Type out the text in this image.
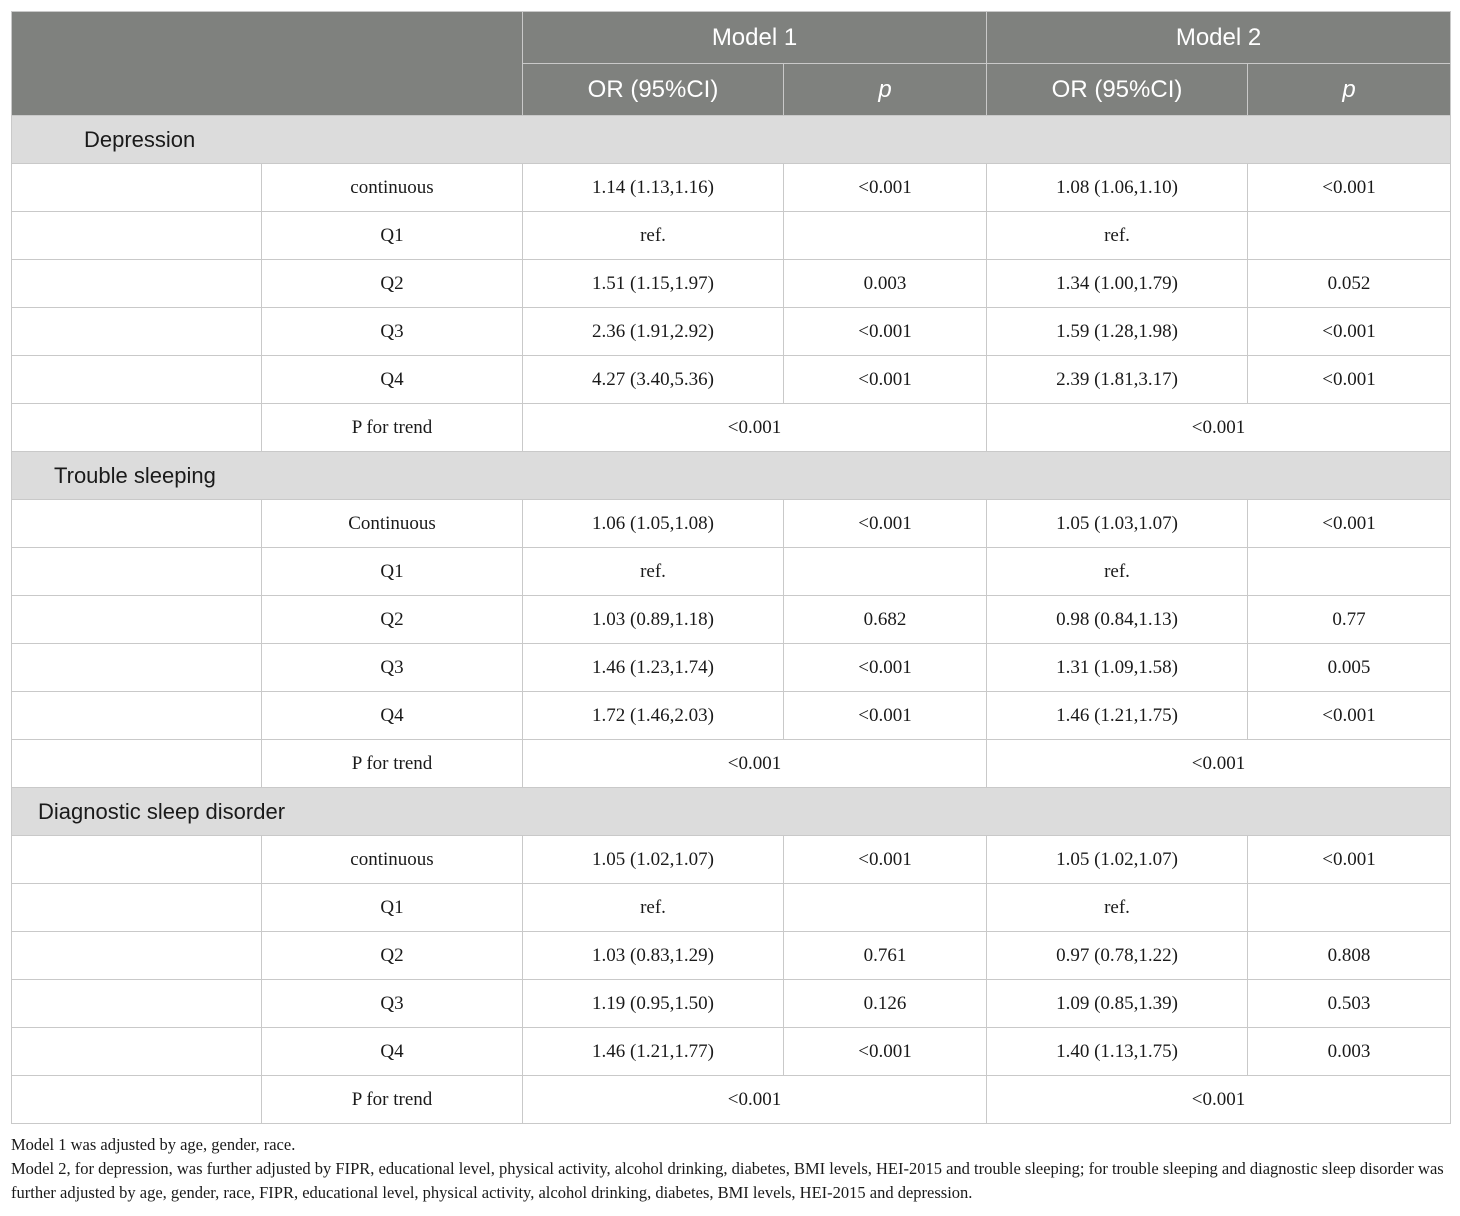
		Model 1		Model 2	
		OR (95%CI)	p	OR (95%CI)	p
Depression					
	continuous	1.14 (1.13,1.16)	<0.001	1.08 (1.06,1.10)	<0.001
	Q1	ref.		ref.	
	Q2	1.51 (1.15,1.97)	0.003	1.34 (1.00,1.79)	0.052
	Q3	2.36 (1.91,2.92)	<0.001	1.59 (1.28,1.98)	<0.001
	Q4	4.27 (3.40,5.36)	<0.001	2.39 (1.81,3.17)	<0.001
	P for trend	<0.001		<0.001	
Trouble sleeping					
	Continuous	1.06 (1.05,1.08)	<0.001	1.05 (1.03,1.07)	<0.001
	Q1	ref.		ref.	
	Q2	1.03 (0.89,1.18)	0.682	0.98 (0.84,1.13)	0.77
	Q3	1.46 (1.23,1.74)	<0.001	1.31 (1.09,1.58)	0.005
	Q4	1.72 (1.46,2.03)	<0.001	1.46 (1.21,1.75)	<0.001
	P for trend	<0.001		<0.001	
Diagnostic sleep disorder					
	continuous	1.05 (1.02,1.07)	<0.001	1.05 (1.02,1.07)	<0.001
	Q1	ref.		ref.	
	Q2	1.03 (0.83,1.29)	0.761	0.97 (0.78,1.22)	0.808
	Q3	1.19 (0.95,1.50)	0.126	1.09 (0.85,1.39)	0.503
	Q4	1.46 (1.21,1.77)	<0.001	1.40 (1.13,1.75)	0.003
	P for trend	<0.001		<0.001	

Model 1 was adjusted by age, gender, race.

Model 2, for depression, was further adjusted by FIPR, educational level, physical activity, alcohol drinking, diabetes, BMI levels, HEI-2015 and trouble sleeping; for trouble sleeping and diagnostic sleep disorder was further adjusted by age, gender, race, FIPR, educational level, physical activity, alcohol drinking, diabetes, BMI levels, HEI-2015 and depression.
